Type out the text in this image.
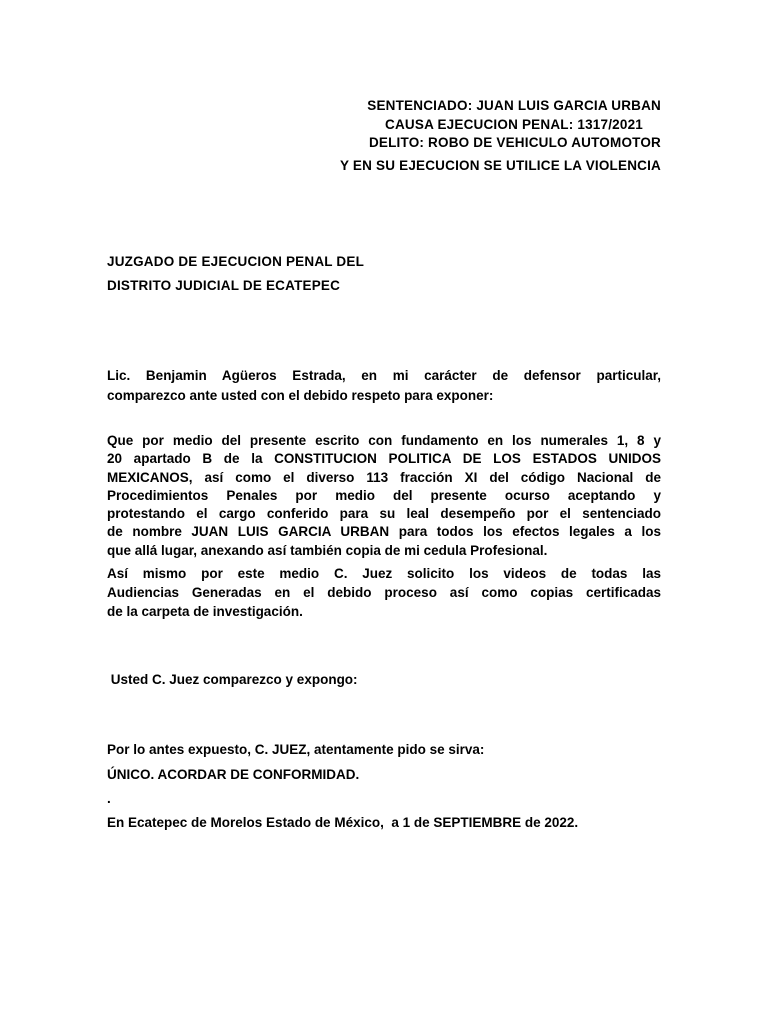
SENTENCIADO: JUAN LUIS GARCIA URBAN
CAUSA EJECUCION PENAL: 1317/2021
DELITO: ROBO DE VEHICULO AUTOMOTOR
Y EN SU EJECUCION SE UTILICE LA VIOLENCIA
JUZGADO DE EJECUCION PENAL DEL
DISTRITO JUDICIAL DE ECATEPEC
Lic. Benjamin Agüeros Estrada, en mi carácter de defensor particular,
comparezco ante usted con el debido respeto para exponer:
Que por medio del presente escrito con fundamento en los numerales 1, 8 y
20 apartado B de la CONSTITUCION POLITICA DE LOS ESTADOS UNIDOS
MEXICANOS, así como el diverso 113 fracción XI del código Nacional de
Procedimientos Penales por medio del presente ocurso aceptando y
protestando el cargo conferido para su leal desempeño por el sentenciado
de nombre JUAN LUIS GARCIA URBAN para todos los efectos legales a los
que allá lugar, anexando así también copia de mi cedula Profesional.
Así mismo por este medio C. Juez solicito los videos de todas las
Audiencias Generadas en el debido proceso así como copias certificadas
de la carpeta de investigación.
Usted C. Juez comparezco y expongo:
Por lo antes expuesto, C. JUEZ, atentamente pido se sirva:
ÚNICO. ACORDAR DE CONFORMIDAD.
.
En Ecatepec de Morelos Estado de México,  a 1 de SEPTIEMBRE de 2022.
